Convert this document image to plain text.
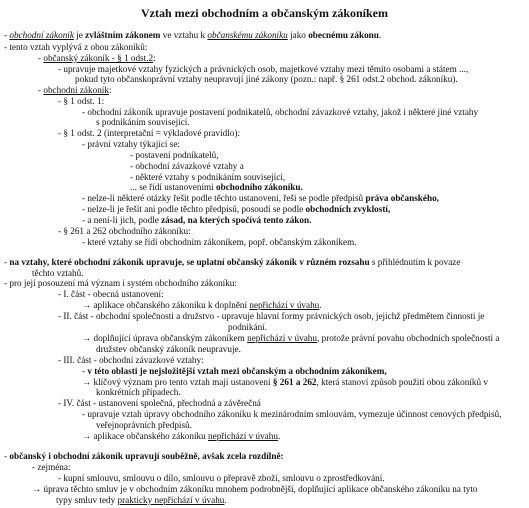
Vztah mezi obchodním a občanským zákoníkem
- obchodní zákoník je zvláštním zákonem ve vztahu k občanskému zákoníku jako obecnému zákonu.
- tento vztah vyplývá z obou zákoníků:
- občanský zákoník - § 1 odst.2:
- upravuje majetkové vztahy fyzických a právnických osob, majetkové vztahy mezi těmito osobami a státem ...,
pokud tyto občanskoprávní vztahy neupravují jiné zákony (pozn.: např. § 261 odst.2 obchod. zákoníku).
- obchodní zákoník:
- § 1 odst. 1:
- obchodní zákoník upravuje postavení podnikatelů, obchodní závazkové vztahy, jakož i některé jiné vztahy
s podnikáním související.
- § 1 odst. 2 (interpretační = výkladové pravidlo):
- právní vztahy týkající se:
- postavení podnikatelů,
- obchodní závazkové vztahy a
- některé vztahy s podnikáním související,
... se řídí ustanoveními obchodního zákoníku.
- nelze-li některé otázky řešit podle těchto ustanovení, řeší se podle předpisů práva občanského,
- nelze-li je řešit ani podle těchto předpisů, posoudí se podle obchodních zvyklostí,
- a není-li jich, podle zásad, na kterých spočívá tento zákon.
- § 261 a 262 obchodního zákoníku:
- které vztahy se řídí obchodním zákoníkem, popř. občanským zákoníkem.
- na vztahy, které obchodní zákoník upravuje, se uplatní občanský zákoník v různém rozsahu s přihlédnutím k povaze
těchto vztahů.
- pro její posouzení má význam i systém obchodního zákoníku:
- I. část - obecná ustanovení:
→ aplikace občanského zákoníku k doplnění nepřichází v úvahu.
- II. část - obchodní společnosti a družstvo - upravuje hlavní formy právnických osob, jejichž předmětem činnosti je
podnikání.
→ doplňující úprava občanským zákoníkem nepřichází v úvahu, protože právní povahu obchodních společností a
družstev občanský zákoník neupravuje.
- III. část - obchodní závazkové vztahy:
- v této oblasti je nejsložitější vztah mezi občanským a obchodním zákoníkem,
→ klíčový význam pro tento vztah mají ustanovení § 261 a 262, která stanoví způsob použití obou zákoníků v
konkrétních případech.
- IV. část - ustanovení společná, přechodná a závěrečná
- upravuje vztah úpravy obchodního zákoníku k mezinárodním smlouvám, vymezuje účinnost cenových předpisů,
veřejnoprávních předpisů.
→ aplikace občanského zákoníku nepřichází v úvahu.
- občanský i obchodní zákoník upravují souběžně, avšak zcela rozdílně:
- zejména:
- kupní smlouvu, smlouvu o dílo, smlouvu o přepravě zboží, smlouvu o zprostředkování.
→ úprava těchto smluv je v obchodním zákoníku mnohem podrobnější, doplňující aplikace občanského zákoníku na tyto
typy smluv tedy prakticky nepřichází v úvahu.
